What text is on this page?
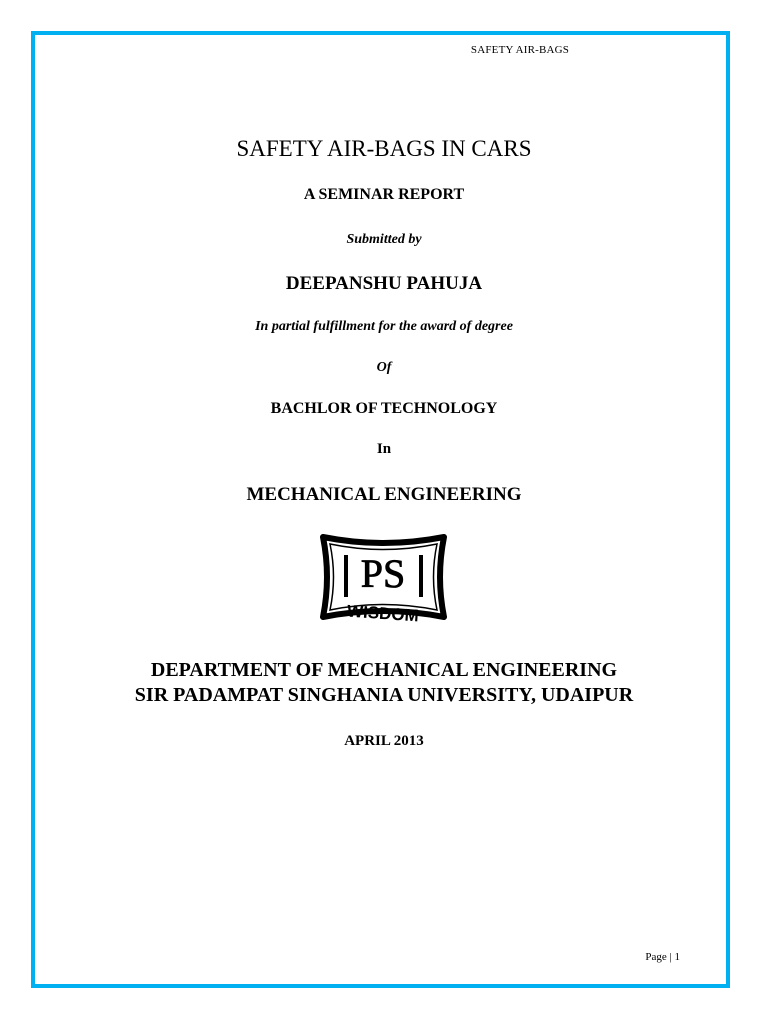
SAFETY AIR-BAGS
SAFETY AIR-BAGS IN CARS
A SEMINAR REPORT
Submitted by
DEEPANSHU PAHUJA
In partial fulfillment for the award of degree
Of
BACHLOR OF TECHNOLOGY
In
MECHANICAL ENGINEERING
PS
WISDOM
DEPARTMENT OF MECHANICAL ENGINEERING
SIR PADAMPAT SINGHANIA UNIVERSITY, UDAIPUR
APRIL 2013
Page | 1
